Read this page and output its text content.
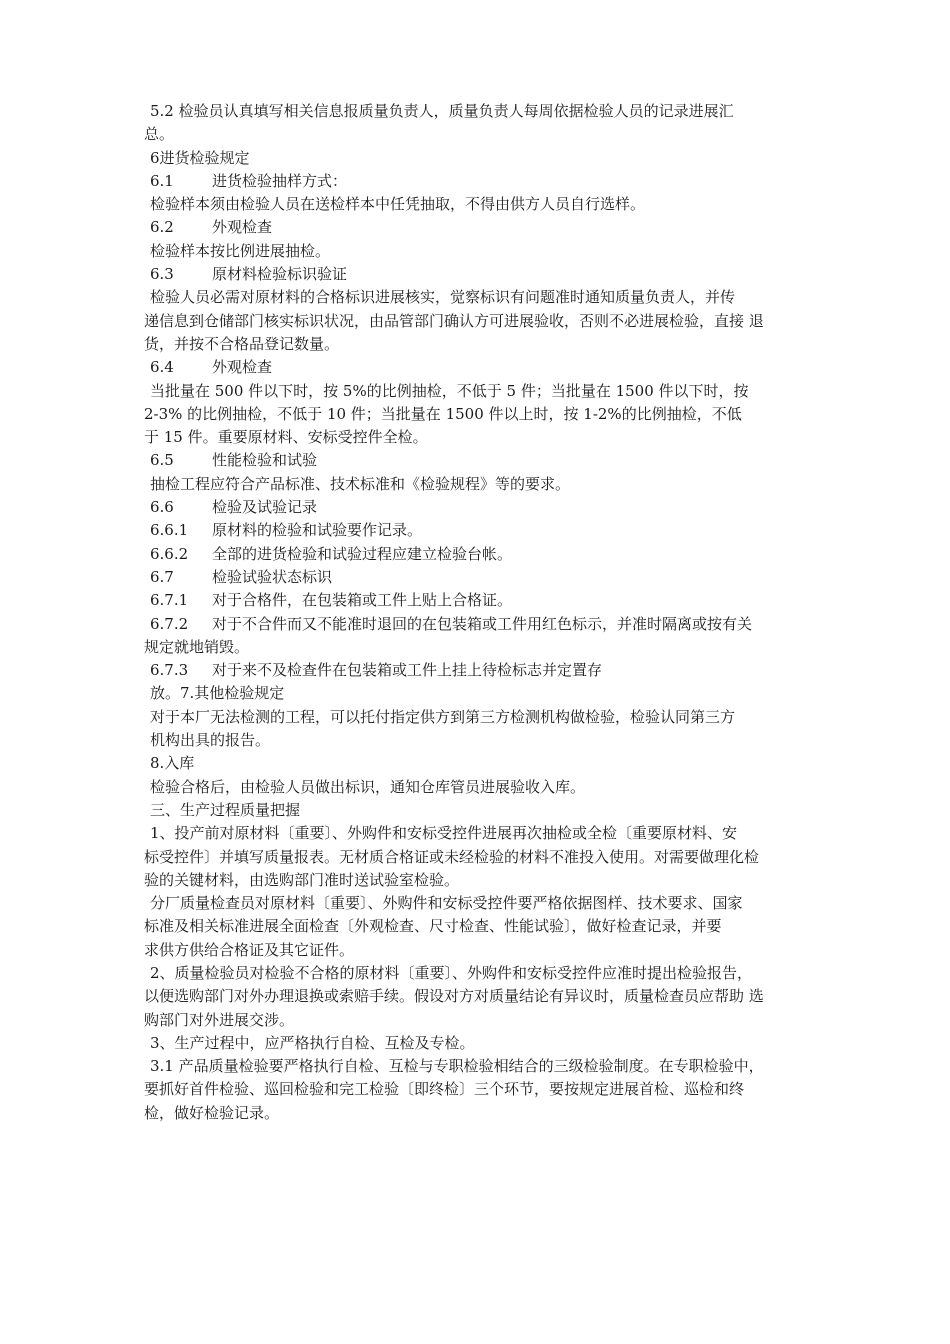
5.2 检验员认真填写相关信息报质量负责人，质量负责人每周依据检验人员的记录进展汇
总。
6进货检验规定
6.1	进货检验抽样方式：
检验样本须由检验人员在送检样本中任凭抽取，不得由供方人员自行选样。
6.2	外观检查
检验样本按比例进展抽检。
6.3	原材料检验标识验证
检验人员必需对原材料的合格标识进展核实，觉察标识有问题准时通知质量负责人，并传
递信息到仓储部门核实标识状况，由品管部门确认方可进展验收，否则不必进展检验，直接 退
货，并按不合格品登记数量。
6.4	外观检查
当批量在 500 件以下时，按 5%的比例抽检，不低于 5 件；当批量在 1500 件以下时，按
2-3% 的比例抽检，不低于 10 件；当批量在 1500 件以上时，按 1-2%的比例抽检，不低
于 15 件。重要原材料、安标受控件全检。
6.5	性能检验和试验
抽检工程应符合产品标准、技术标准和《检验规程》等的要求。
6.6	检验及试验记录
6.6.1 原材料的检验和试验要作记录。
6.6.2 全部的进货检验和试验过程应建立检验台帐。
6.7	检验试验状态标识
6.7.1 对于合格件，在包装箱或工件上贴上合格证。
6.7.2 对于不合件而又不能准时退回的在包装箱或工件用红色标示，并准时隔离或按有关
规定就地销毁。
6.7.3 对于来不及检查件在包装箱或工件上挂上待检标志并定置存
放。7.其他检验规定
对于本厂无法检测的工程，可以托付指定供方到第三方检测机构做检验，检验认同第三方
机构出具的报告。
8.入库
检验合格后，由检验人员做出标识，通知仓库管员进展验收入库。
三、生产过程质量把握
1、投产前对原材料〔重要〕、外购件和安标受控件进展再次抽检或全检〔重要原材料、安
标受控件〕并填写质量报表。无材质合格证或未经检验的材料不准投入使用。对需要做理化检
验的关键材料，由选购部门准时送试验室检验。
分厂质量检查员对原材料〔重要〕、外购件和安标受控件要严格依据图样、技术要求、国家
标准及相关标准进展全面检查〔外观检查、尺寸检查、性能试验〕，做好检查记录，并要
求供方供给合格证及其它证件。
2、质量检验员对检验不合格的原材料〔重要〕、外购件和安标受控件应准时提出检验报告，
以便选购部门对外办理退换或索赔手续。假设对方对质量结论有异议时，质量检查员应帮助 选
购部门对外进展交涉。
3、生产过程中，应严格执行自检、互检及专检。
3.1 产品质量检验要严格执行自检、互检与专职检验相结合的三级检验制度。在专职检验中，
要抓好首件检验、巡回检验和完工检验〔即终检〕三个环节，要按规定进展首检、巡检和终
检，做好检验记录。
